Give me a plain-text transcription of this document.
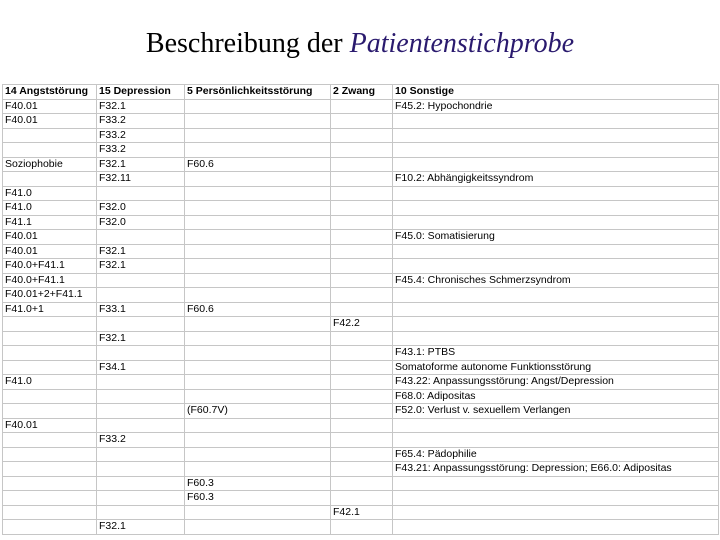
Beschreibung der Patientenstichprobe
14 Angststörung	15 Depression	5 Persönlichkeitsstörung	2 Zwang	10 Sonstige
F40.01	F32.1			F45.2: Hypochondrie
F40.01	F33.2			
	F33.2			
	F33.2			
Soziophobie	F32.1	F60.6		
	F32.11			F10.2: Abhängigkeitssyndrom
F41.0				
F41.0	F32.0			
F41.1	F32.0			
F40.01				F45.0: Somatisierung
F40.01	F32.1			
F40.0+F41.1	F32.1			
F40.0+F41.1				F45.4: Chronisches Schmerzsyndrom
F40.01+2+F41.1				
F41.0+1	F33.1	F60.6		
			F42.2	
	F32.1			
				F43.1: PTBS
	F34.1			Somatoforme autonome Funktionsstörung
F41.0				F43.22: Anpassungsstörung: Angst/Depression
				F68.0: Adipositas
		(F60.7V)		F52.0: Verlust v. sexuellem Verlangen
F40.01				
	F33.2			
				F65.4: Pädophilie
				F43.21: Anpassungsstörung: Depression; E66.0: Adipositas
		F60.3		
		F60.3		
			F42.1	
	F32.1			
